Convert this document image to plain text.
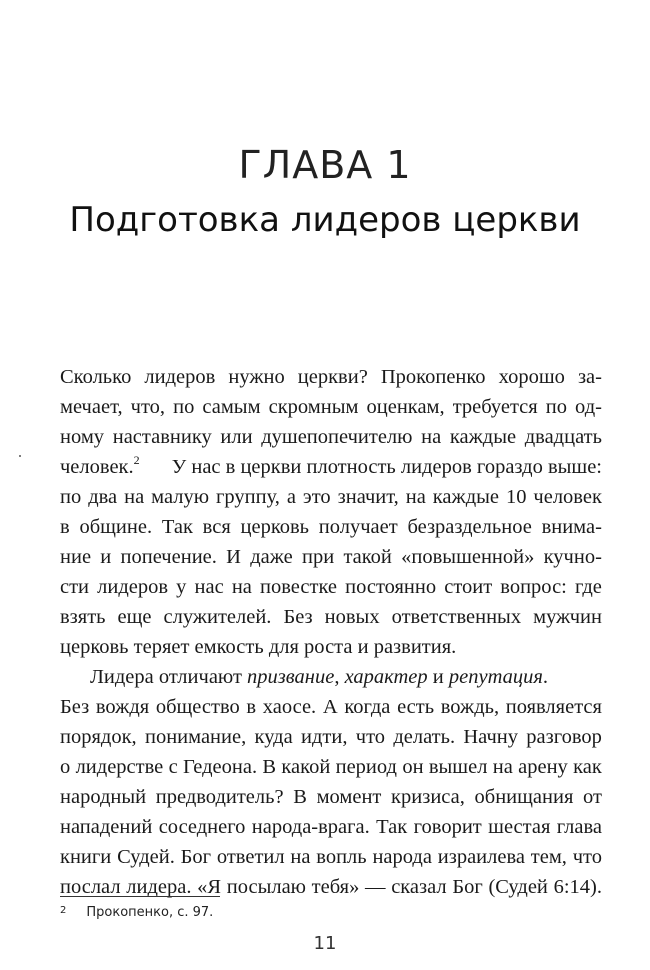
ГЛАВА 1
Подготовка лидеров церкви
Сколько лидеров нужно церкви? Прокопенко хорошо за-
мечает, что, по самым скромным оценкам, требуется по од-
ному наставнику или душепопечителю на каждые двадцать
человек.$^2$ У нас в церкви плотность лидеров гораздо выше:
по два на малую группу, а это значит, на каждые 10 человек
в общине. Так вся церковь получает безраздельное внима-
ние и попечение. И даже при такой «повышенной» кучно-
сти лидеров у нас на повестке постоянно стоит вопрос: где
взять еще служителей. Без новых ответственных мужчин
церковь теряет емкость для роста и развития.
Лидера отличают призвание , характер и репутация .
Без вождя общество в хаосе. А когда есть вождь, появляется
порядок, понимание, куда идти, что делать. Начну разговор
о лидерстве с Гедеона. В какой период он вышел на арену как
народный предводитель? В момент кризиса, обнищания от
нападений соседнего народа-врага. Так говорит шестая глава
книги Судей. Бог ответил на вопль народа израилева тем, что
послал лидера. «Я посылаю тебя» — сказал Бог (Судей 6:14).
$^2$ Прокопенко, с. 97.
11
